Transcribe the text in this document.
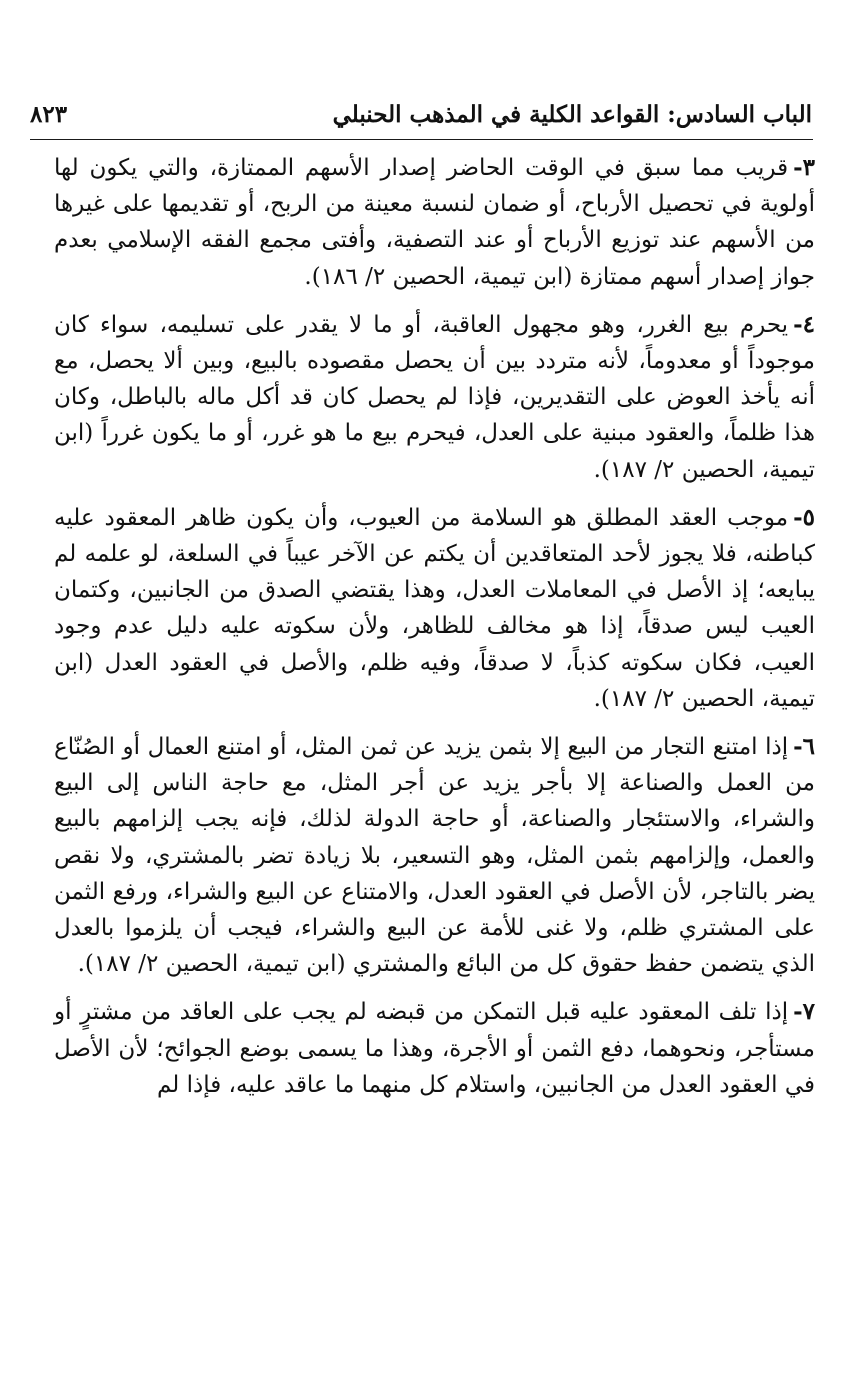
الباب السادس: القواعد الكلية في المذهب الحنبلي
٨٢٣

٣-قريب مما سبق في الوقت الحاضر إصدار الأسهم الممتازة، والتي يكون لها أولوية في تحصيل الأرباح، أو ضمان لنسبة معينة من الربح، أو تقديمها على غيرها من الأسهم عند توزيع الأرباح أو عند التصفية، وأفتى مجمع الفقه الإسلامي بعدم جواز إصدار أسهم ممتازة (ابن تيمية، الحصين ٢/ ١٨٦).

٤-يحرم بيع الغرر، وهو مجهول العاقبة، أو ما لا يقدر على تسليمه، سواء كان موجوداً أو معدوماً، لأنه متردد بين أن يحصل مقصوده بالبيع، وبين ألا يحصل، مع أنه يأخذ العوض على التقديرين، فإذا لم يحصل كان قد أكل ماله بالباطل، وكان هذا ظلماً، والعقود مبنية على العدل، فيحرم بيع ما هو غرر، أو ما يكون غرراً (ابن تيمية، الحصين ٢/ ١٨٧).

٥-موجب العقد المطلق هو السلامة من العيوب، وأن يكون ظاهر المعقود عليه كباطنه، فلا يجوز لأحد المتعاقدين أن يكتم عن الآخر عيباً في السلعة، لو علمه لم يبايعه؛ إذ الأصل في المعاملات العدل، وهذا يقتضي الصدق من الجانبين، وكتمان العيب ليس صدقاً، إذا هو مخالف للظاهر، ولأن سكوته عليه دليل عدم وجود العيب، فكان سكوته كذباً، لا صدقاً، وفيه ظلم، والأصل في العقود العدل (ابن تيمية، الحصين ٢/ ١٨٧).

٦-إذا امتنع التجار من البيع إلا بثمن يزيد عن ثمن المثل، أو امتنع العمال أو الصُنّاع من العمل والصناعة إلا بأجر يزيد عن أجر المثل، مع حاجة الناس إلى البيع والشراء، والاستئجار والصناعة، أو حاجة الدولة لذلك، فإنه يجب إلزامهم بالبيع والعمل، وإلزامهم بثمن المثل، وهو التسعير، بلا زيادة تضر بالمشتري، ولا نقص يضر بالتاجر، لأن الأصل في العقود العدل، والامتناع عن البيع والشراء، ورفع الثمن على المشتري ظلم، ولا غنى للأمة عن البيع والشراء، فيجب أن يلزموا بالعدل الذي يتضمن حفظ حقوق كل من البائع والمشتري (ابن تيمية، الحصين ٢/ ١٨٧).

٧-إذا تلف المعقود عليه قبل التمكن من قبضه لم يجب على العاقد من مشترٍ أو مستأجر، ونحوهما، دفع الثمن أو الأجرة، وهذا ما يسمى بوضع الجوائح؛ لأن الأصل في العقود العدل من الجانبين، واستلام كل منهما ما عاقد عليه، فإذا لم
